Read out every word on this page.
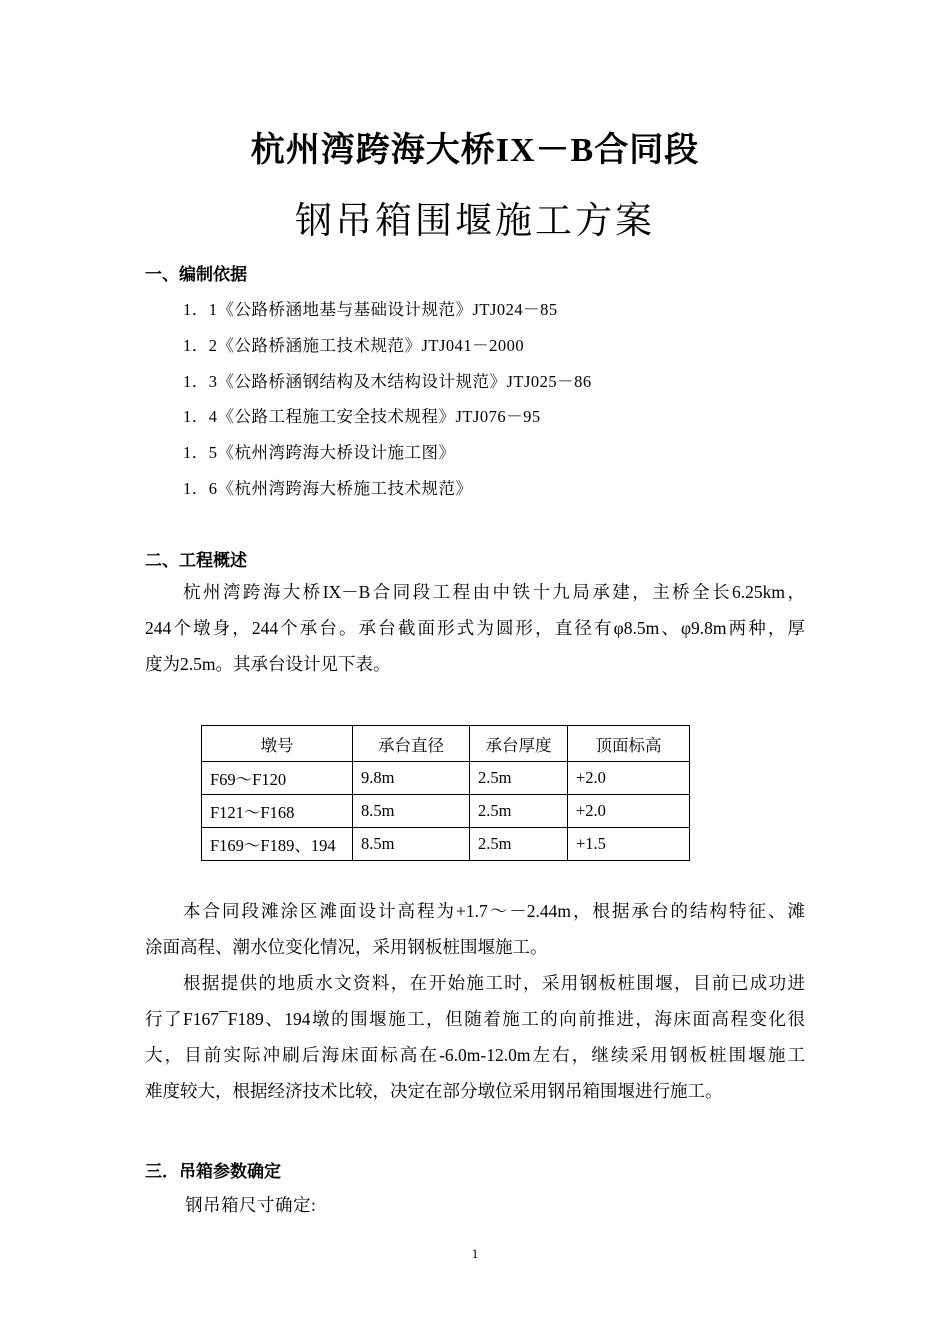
杭州湾跨海大桥IX－B合同段
钢吊箱围堰施工方案
一、编制依据
1．1《公路桥涵地基与基础设计规范》JTJ024－85
1．2《公路桥涵施工技术规范》JTJ041－2000
1．3《公路桥涵钢结构及木结构设计规范》JTJ025－86
1．4《公路工程施工安全技术规程》JTJ076－95
1．5《杭州湾跨海大桥设计施工图》
1．6《杭州湾跨海大桥施工技术规范》
二、工程概述
杭州湾跨海大桥IX－B合同段工程由中铁十九局承建，主桥全长6.25km，
244个墩身，244个承台。承台截面形式为圆形，直径有φ8.5m、φ9.8m两种，厚
度为2.5m。其承台设计见下表。
墩号	承台直径	承台厚度	顶面标高
F69～F120	9.8m	2.5m	+2.0
F121～F168	8.5m	2.5m	+2.0
F169～F189、194	8.5m	2.5m	+1.5
本合同段滩涂区滩面设计高程为+1.7～－2.44m，根据承台的结构特征、滩
涂面高程、潮水位变化情况，采用钢板桩围堰施工。
根据提供的地质水文资料，在开始施工时，采用钢板桩围堰，目前已成功进
行了F167¯F189、194墩的围堰施工，但随着施工的向前推进，海床面高程变化很
大，目前实际冲刷后海床面标高在-6.0m-12.0m左右，继续采用钢板桩围堰施工
难度较大，根据经济技术比较，决定在部分墩位采用钢吊箱围堰进行施工。
三．吊箱参数确定
钢吊箱尺寸确定:
1
